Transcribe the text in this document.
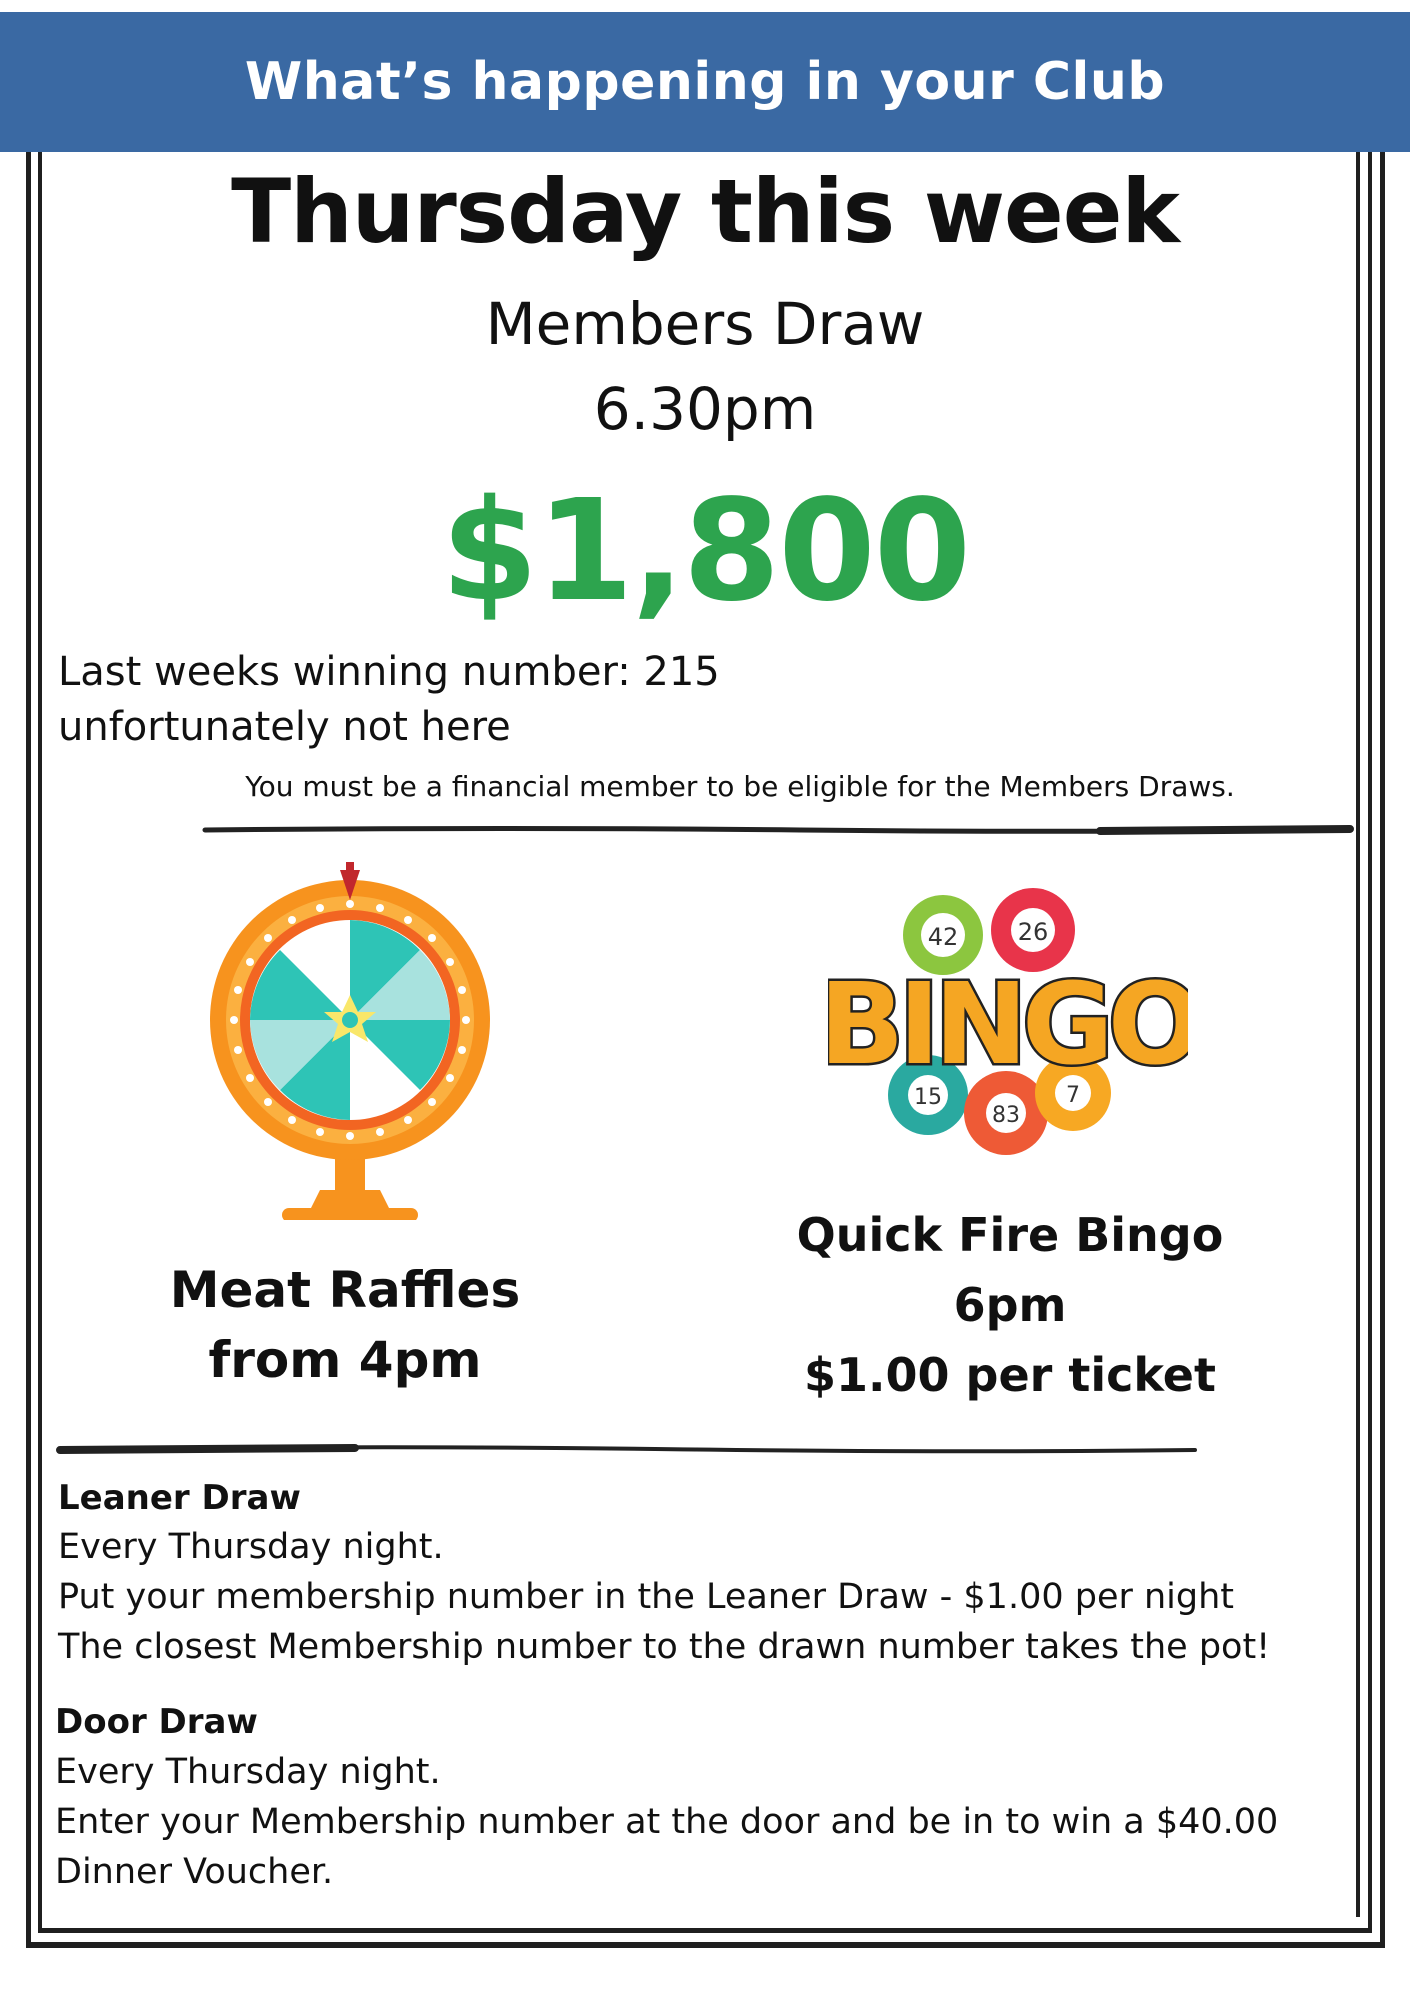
What’s happening in your Club
Thursday this week
Members Draw
6.30pm
$1,800
Last weeks winning number: 215
unfortunately not here
You must be a financial member to be eligible for the Members Draws.
42 26
15
83
7
BINGO
Meat Raffles
from 4pm
Quick Fire Bingo
6pm
$1.00 per ticket
Leaner Draw
Every Thursday night.
Put your membership number in the Leaner Draw - $1.00 per night
The closest Membership number to the drawn number takes the pot!
Door Draw
Every Thursday night.
Enter your Membership number at the door and be in to win a $40.00
Dinner Voucher.
